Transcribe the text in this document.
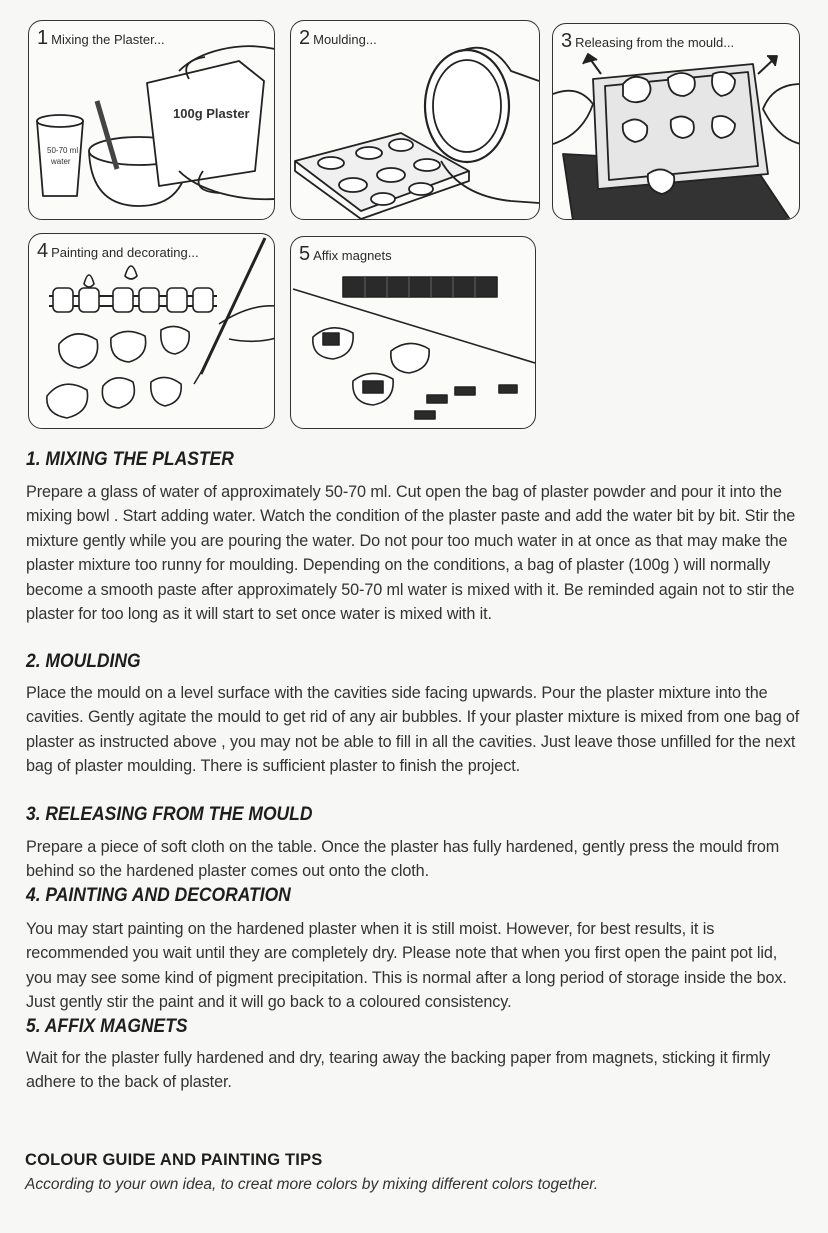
100g Plaster
50-70 ml
water
1 Mixing the Plaster...	2 Moulding...	3 Releasing from the mould...
4 Painting and decorating...	5 Affix magnets
1. MIXING THE PLASTER

Prepare a glass of water of approximately 50-70 ml. Cut open the bag of plaster powder and pour it into the mixing bowl . Start adding water. Watch the condition of the plaster paste and add the water bit by bit. Stir the mixture gently while you are pouring the water. Do not pour too much water in at once as that may make the plaster mixture too runny for moulding. Depending on the conditions, a bag of plaster (100g ) will normally become a smooth paste after approximately 50-70 ml water is mixed with it. Be reminded again not to stir the plaster for too long as it will start to set once water is mixed with it.

2. MOULDING

Place the mould on a level surface with the cavities side facing upwards. Pour the plaster mixture into the cavities. Gently agitate the mould to get rid of any air bubbles. If your plaster mixture is mixed from one bag of plaster as instructed above , you may not be able to fill in all the cavities. Just leave those unfilled for the next bag of plaster moulding. There is sufficient plaster to finish the project.

3. RELEASING FROM THE MOULD

Prepare a piece of soft cloth on the table. Once the plaster has fully hardened, gently press the mould from behind so the hardened plaster comes out onto the cloth.

4. PAINTING AND DECORATION

You may start painting on the hardened plaster when it is still moist. However, for best results, it is recommended you wait until they are completely dry. Please note that when you first open the paint pot lid, you may see some kind of pigment precipitation. This is normal after a long period of storage inside the box. Just gently stir the paint and it will go back to a coloured consistency.

5. AFFIX MAGNETS

Wait for the plaster fully hardened and dry, tearing away the backing paper from magnets, sticking it firmly adhere to the back of plaster.

COLOUR GUIDE AND PAINTING TIPS
According to your own idea, to creat more colors by mixing different colors together.
